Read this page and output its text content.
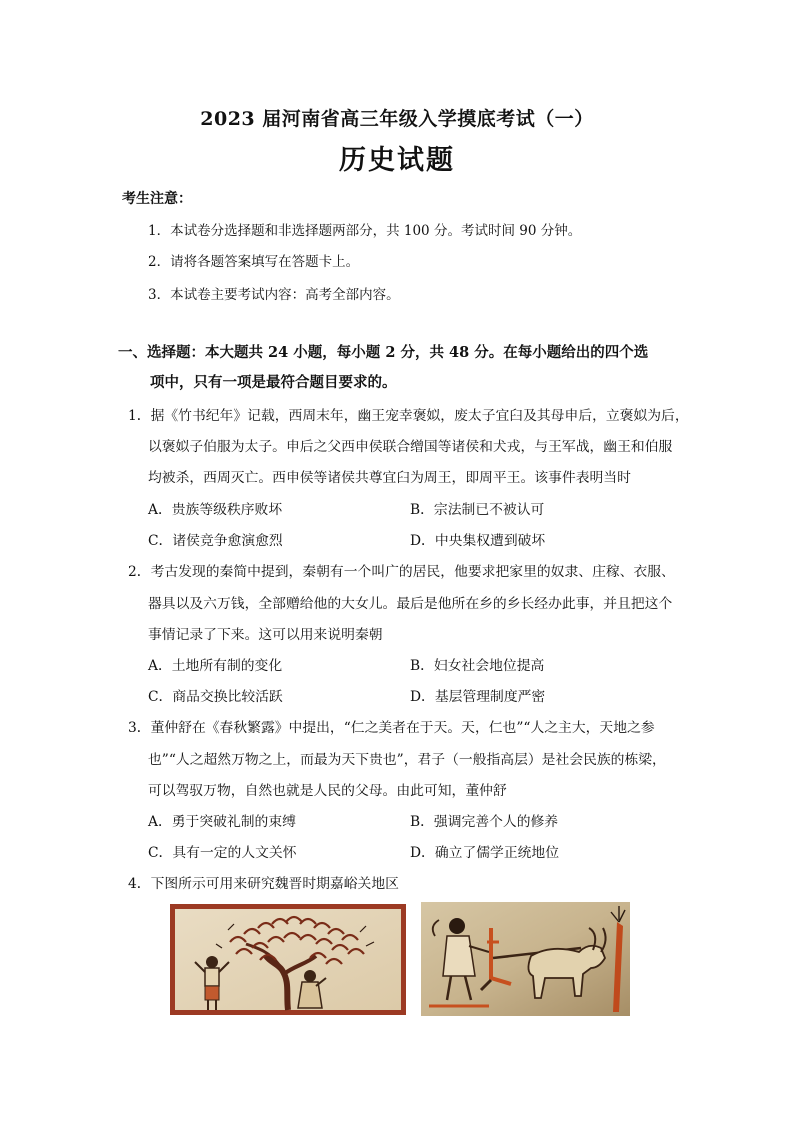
2023 届河南省高三年级入学摸底考试（一）
历史试题
考生注意：
1．本试卷分选择题和非选择题两部分，共 100 分。考试时间 90 分钟。
2．请将各题答案填写在答题卡上。
3．本试卷主要考试内容：高考全部内容。
一、选择题：本大题共 24 小题，每小题 2 分，共 48 分。在每小题给出的四个选
项中，只有一项是最符合题目要求的。
1．据《竹书纪年》记载，西周末年，幽王宠幸褒姒，废太子宜臼及其母申后，立褒姒为后，
以褒姒子伯服为太子。申后之父西申侯联合缯国等诸侯和犬戎，与王军战，幽王和伯服
均被杀，西周灭亡。西申侯等诸侯共尊宜臼为周王，即周平王。该事件表明当时
A．贵族等级秩序败坏	B．宗法制已不被认可
C．诸侯竞争愈演愈烈	D．中央集权遭到破坏
2．考古发现的秦简中提到，秦朝有一个叫广的居民，他要求把家里的奴隶、庄稼、衣服、
器具以及六万钱，全部赠给他的大女儿。最后是他所在乡的乡长经办此事，并且把这个
事情记录了下来。这可以用来说明秦朝
A．土地所有制的变化	B．妇女社会地位提高
C．商品交换比较活跃	D．基层管理制度严密
3．董仲舒在《春秋繁露》中提出，“仁之美者在于天。天，仁也”“人之主大，天地之参
也”“人之超然万物之上，而最为天下贵也”，君子（一般指高层）是社会民族的栋梁，
可以驾驭万物，自然也就是人民的父母。由此可知，董仲舒
A．勇于突破礼制的束缚	B．强调完善个人的修养
C．具有一定的人文关怀	D．确立了儒学正统地位
4．下图所示可用来研究魏晋时期嘉峪关地区
